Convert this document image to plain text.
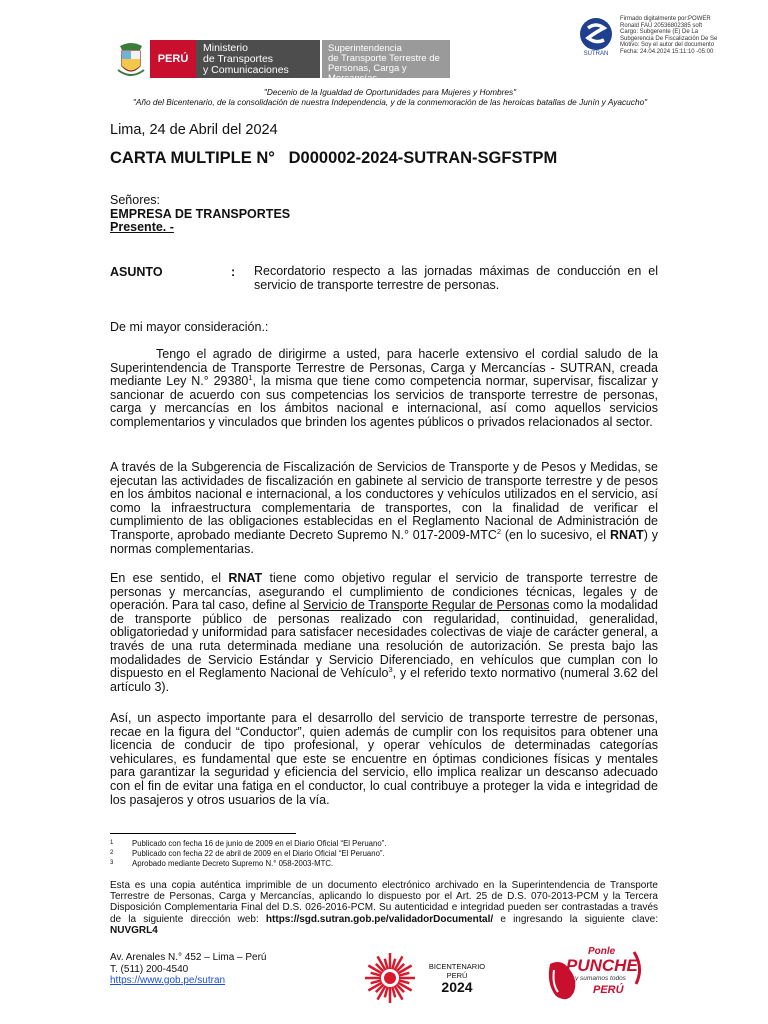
PERÚ
Ministerio
de Transportes
y Comunicaciones
Superintendencia
de Transporte Terrestre de
Personas, Carga y Mercancías
SUTRAN
Firmado digitalmente por:POWER
Ronald FAU 20536802385 soft
Cargo: Subgerente (E) De La
Subgerencia De Fiscalización De Se
Motivo: Soy el autor del documento
Fecha: 24.04.2024 15:11:10 -05:00
"Decenio de la Igualdad de Oportunidades para Mujeres y Hombres"
"Año del Bicentenario, de la consolidación de nuestra Independencia, y de la conmemoración de las heroicas batallas de Junín y Ayacucho"
Lima, 24 de Abril del 2024
CARTA MULTIPLE N° D000002-2024-SUTRAN-SGFSTPM
Señores:
EMPRESA DE TRANSPORTES
Presente. -
ASUNTO	: Recordatorio respecto a las jornadas máximas de conducción en el servicio de transporte terrestre de personas.
De mi mayor consideración.:
Tengo el agrado de dirigirme a usted, para hacerle extensivo el cordial saludo de la Superintendencia de Transporte Terrestre de Personas, Carga y Mercancías - SUTRAN, creada mediante Ley N.° 29380$^1$, la misma que tiene como competencia normar, supervisar, fiscalizar y sancionar de acuerdo con sus competencias los servicios de transporte terrestre de personas, carga y mercancías en los ámbitos nacional e internacional, así como aquellos servicios complementarios y vinculados que brinden los agentes públicos o privados relacionados al sector.
A través de la Subgerencia de Fiscalización de Servicios de Transporte y de Pesos y Medidas, se ejecutan las actividades de fiscalización en gabinete al servicio de transporte terrestre y de pesos en los ámbitos nacional e internacional, a los conductores y vehículos utilizados en el servicio, así como la infraestructura complementaria de transportes, con la finalidad de verificar el cumplimiento de las obligaciones establecidas en el Reglamento Nacional de Administración de Transporte, aprobado mediante Decreto Supremo N.° 017-2009-MTC$^2$ (en lo sucesivo, el RNAT) y normas complementarias.
En ese sentido, el RNAT tiene como objetivo regular el servicio de transporte terrestre de personas y mercancías, asegurando el cumplimiento de condiciones técnicas, legales y de operación. Para tal caso, define al Servicio de Transporte Regular de Personas como la modalidad de transporte público de personas realizado con regularidad, continuidad, generalidad, obligatoriedad y uniformidad para satisfacer necesidades colectivas de viaje de carácter general, a través de una ruta determinada mediane una resolución de autorización. Se presta bajo las modalidades de Servicio Estándar y Servicio Diferenciado, en vehículos que cumplan con lo dispuesto en el Reglamento Nacional de Vehículo$^3$, y el referido texto normativo (numeral 3.62 del artículo 3).
Así, un aspecto importante para el desarrollo del servicio de transporte terrestre de personas, recae en la figura del “Conductor”, quien además de cumplir con los requisitos para obtener una licencia de conducir de tipo profesional, y operar vehículos de determinadas categorías vehiculares, es fundamental que este se encuentre en óptimas condiciones físicas y mentales para garantizar la seguridad y eficiencia del servicio, ello implica realizar un descanso adecuado con el fin de evitar una fatiga en el conductor, lo cual contribuye a proteger la vida e integridad de los pasajeros y otros usuarios de la vía.
1 Publicado con fecha 16 de junio de 2009 en el Diario Oficial “El Peruano”.
2 Publicado con fecha 22 de abril de 2009 en el Diario Oficial “El Peruano”.
3 Aprobado mediante Decreto Supremo N.° 058-2003-MTC.
Esta es una copia auténtica imprimible de un documento electrónico archivado en la Superintendencia de Transporte Terrestre de Personas, Carga y Mercancías, aplicando lo dispuesto por el Art. 25 de D.S. 070-2013-PCM y la Tercera Disposición Complementaria Final del D.S. 026-2016-PCM. Su autenticidad e integridad pueden ser contrastadas a través de la siguiente dirección web: https://sgd.sutran.gob.pe/validadorDocumental/ e ingresando la siguiente clave: NUVGRL4
Av. Arenales N.° 452 – Lima – Perú
T. (511) 200-4540
https://www.gob.pe/sutran
BICENTENARIO
PERÚ
2024
Ponle
PUNCHE
y sumamos todos
PERÚ
